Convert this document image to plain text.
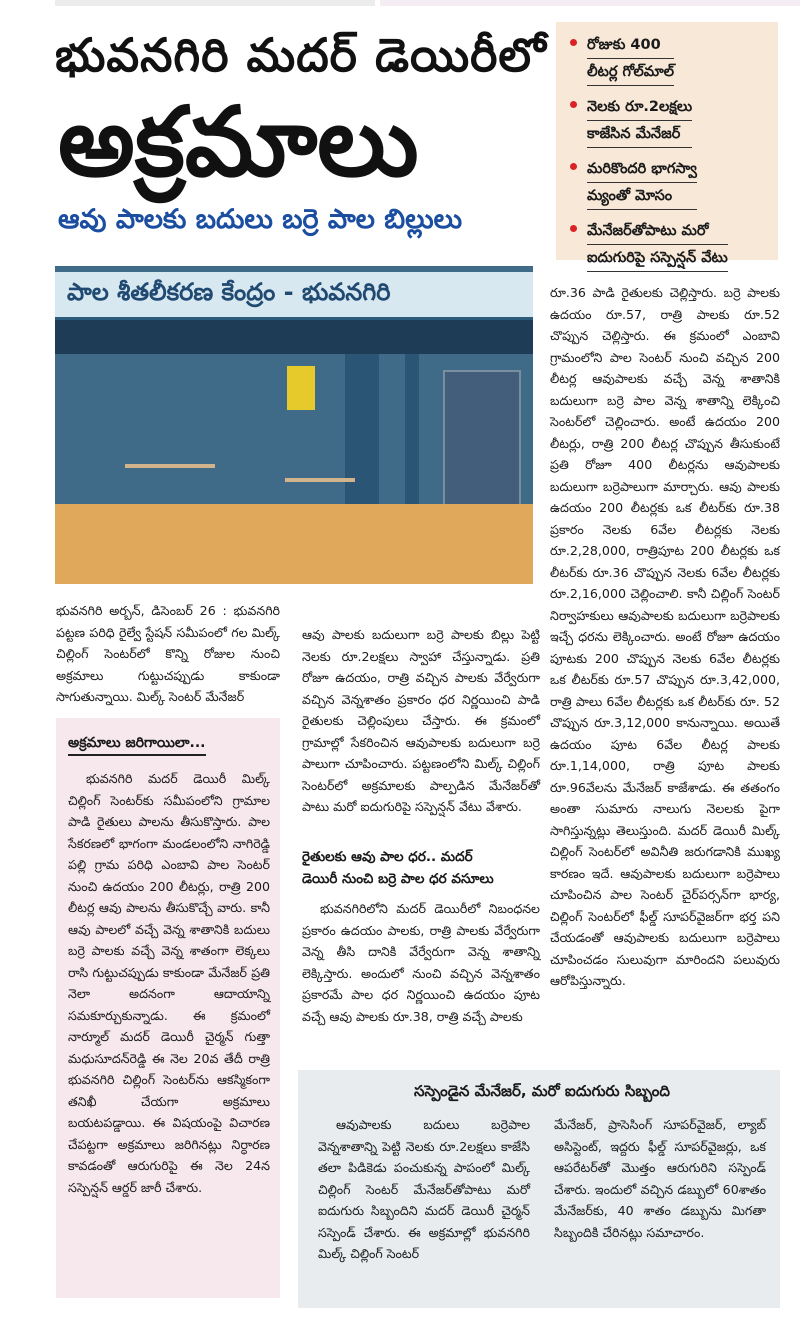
భువనగిరి మదర్ డెయిరీలో
అక్రమాలు
ఆవు పాలకు బదులు బర్రె పాల బిల్లులు
రోజుకు 400
లీటర్ల గోల్‌మాల్
నెలకు రూ.2లక్షలు
కాజేసిన మేనేజర్
మరికొందరి భాగస్వా
మ్యంతో మోసం
మేనేజర్‌తోపాటు మరో
ఐదుగురిపై సస్పెన్షన్ వేటు
పాల శీతలీకరణ కేంద్రం - భువనగిరి

భువనగిరి అర్బన్, డిసెంబర్ 26 : భువనగిరి పట్టణ పరిధి రైల్వే స్టేషన్ సమీపంలో గల మిల్క్ చిల్లింగ్ సెంటర్‌లో కొన్ని రోజుల నుంచి అక్రమాలు గుట్టుచప్పుడు కాకుండా సాగుతున్నాయి. మిల్క్ సెంటర్ మేనేజర్

అక్రమాలు జరిగాయిలా...
భువనగిరి మదర్ డెయిరీ మిల్క్ చిల్లింగ్ సెంటర్‌కు సమీపంలోని గ్రామాల పాడి రైతులు పాలను తీసుకొస్తారు. పాల సేకరణలో భాగంగా మండలంలోని నాగిరెడ్డి పల్లి గ్రామ పరిధి ఎంబావి పాల సెంటర్ నుంచి ఉదయం 200 లీటర్లు, రాత్రి 200 లీటర్ల ఆవు పాలను తీసుకొచ్చే వారు. కానీ ఆవు పాలలో వచ్చే వెన్న శాతానికి బదులు బర్రె పాలకు వచ్చే వెన్న శాతంగా లెక్కలు రాసి గుట్టుచప్పుడు కాకుండా మేనేజర్ ప్రతి నెలా అదనంగా ఆదాయాన్ని సమకూర్చుకున్నాడు. ఈ క్రమంలో నార్మూల్ మదర్ డెయిరీ చైర్మన్ గుత్తా మధుసూదన్‌రెడ్డి ఈ నెల 20వ తేదీ రాత్రి భువనగిరి చిల్లింగ్ సెంటర్‌ను ఆకస్మికంగా తనిఖీ చేయగా అక్రమాలు బయటపడ్డాయి. ఈ విషయంపై విచారణ చేపట్టగా అక్రమాలు జరిగినట్లు నిర్ధారణ కావడంతో ఆరుగురిపై ఈ నెల 24న సస్పెన్షన్ ఆర్డర్ జారీ చేశారు.

ఆవు పాలకు బదులుగా బర్రె పాలకు బిల్లు పెట్టి నెలకు రూ.2లక్షలు స్వాహా చేస్తున్నాడు. ప్రతి రోజూ ఉదయం, రాత్రి వచ్చిన పాలకు వేర్వేరుగా వచ్చిన వెన్నశాతం ప్రకారం ధర నిర్ణయించి పాడి రైతులకు చెల్లింపులు చేస్తారు. ఈ క్రమంలో గ్రామాల్లో సేకరించిన ఆవుపాలకు బదులుగా బర్రె పాలుగా చూపించారు. పట్టణంలోని మిల్క్ చిల్లింగ్ సెంటర్‌లో అక్రమాలకు పాల్పడిన మేనేజర్‌తో పాటు మరో ఐదుగురిపై సస్పెన్షన్ వేటు వేశారు.

రైతులకు ఆవు పాల ధర.. మదర్
డెయిరీ నుంచి బర్రె పాల ధర వసూలు

భువనగిరిలోని మదర్ డెయిరీలో నిబంధనల ప్రకారం ఉదయం పాలకు, రాత్రి పాలకు వేర్వేరుగా వెన్న తీసి దానికి వేర్వేరుగా వెన్న శాతాన్ని లెక్కిస్తారు. అందులో నుంచి వచ్చిన వెన్నశాతం ప్రకారమే పాల ధర నిర్ణయించి ఉదయం పూట వచ్చే ఆవు పాలకు రూ.38, రాత్రి వచ్చే పాలకు

రూ.36 పాడి రైతులకు చెల్లిస్తారు. బర్రె పాలకు ఉదయం రూ.57, రాత్రి పాలకు రూ.52 చొప్పున చెల్లిస్తారు. ఈ క్రమంలో ఎంబావి గ్రామంలోని పాల సెంటర్ నుంచి వచ్చిన 200 లీటర్ల ఆవుపాలకు వచ్చే వెన్న శాతానికి బదులుగా బర్రె పాల వెన్న శాతాన్ని లెక్కించి సెంటర్‌లో చెల్లించారు. అంటే ఉదయం 200 లీటర్లు, రాత్రి 200 లీటర్ల చొప్పున తీసుకుంటే ప్రతి రోజూ 400 లీటర్లను ఆవుపాలకు బదులుగా బర్రెపాలుగా మార్చారు. ఆవు పాలకు ఉదయం 200 లీటర్లకు ఒక లీటర్‌కు రూ.38 ప్రకారం నెలకు 6వేల లీటర్లకు నెలకు రూ.2,28,000, రాత్రిపూట 200 లీటర్లకు ఒక లీటర్‌కు రూ.36 చొప్పున నెలకు 6వేల లీటర్లకు రూ.2,16,000 చెల్లించాలి. కానీ చిల్లింగ్ సెంటర్ నిర్వాహకులు ఆవుపాలకు బదులుగా బర్రెపాలకు ఇచ్చే ధరను లెక్కించారు. అంటే రోజూ ఉదయం పూటకు 200 చొప్పున నెలకు 6వేల లీటర్లకు ఒక లీటర్‌కు రూ.57 చొప్పున రూ.3,42,000, రాత్రి పాలు 6వేల లీటర్లకు ఒక లీటర్‌కు రూ. 52 చొప్పున రూ.3,12,000 కానున్నాయి. అయితే ఉదయం పూట 6వేల లీటర్ల పాలకు రూ.1,14,000, రాత్రి పూట పాలకు రూ.96వేలను మేనేజర్ కాజేశాడు. ఈ తతంగం అంతా సుమారు నాలుగు నెలలకు పైగా సాగిస్తున్నట్లు తెలుస్తుంది. మదర్ డెయిరీ మిల్క్ చిల్లింగ్ సెంటర్‌లో అవినీతి జరుగడానికి ముఖ్య కారణం ఇదే. ఆవుపాలకు బదులుగా బర్రెపాలు చూపించిన పాల సెంటర్ చైర్‌పర్సన్‌గా భార్య, చిల్లింగ్ సెంటర్‌లో ఫీల్డ్ సూపర్‌వైజర్‌గా భర్త పని చేయడంతో ఆవుపాలకు బదులుగా బర్రెపాలు చూపించడం సులువుగా మారిందని పలువురు ఆరోపిస్తున్నారు.

సస్పెండైన మేనేజర్, మరో ఐదుగురు సిబ్బంది
ఆవుపాలకు బదులు బర్రెపాల వెన్నశాతాన్ని పెట్టి నెలకు రూ.2లక్షలు కాజేసి తలా పిడికెడు పంచుకున్న పాపంలో మిల్క్ చిల్లింగ్ సెంటర్ మేనేజర్‌తోపాటు మరో ఐదుగురు సిబ్బందిని మదర్ డెయిరీ చైర్మన్ సస్పెండ్ చేశారు. ఈ అక్రమాల్లో భువనగిరి మిల్క్ చిల్లింగ్ సెంటర్
మేనేజర్, ప్రాసెసింగ్ సూపర్‌వైజర్, ల్యాబ్ అసిస్టెంట్, ఇద్దరు ఫీల్డ్ సూపర్‌వైజర్లు, ఒక ఆపరేటర్‌తో మొత్తం ఆరుగురిని సస్పెండ్ చేశారు. ఇందులో వచ్చిన డబ్బులో 60శాతం మేనేజర్‌కు, 40 శాతం డబ్బును మిగతా సిబ్బందికి చేరినట్లు సమాచారం.
